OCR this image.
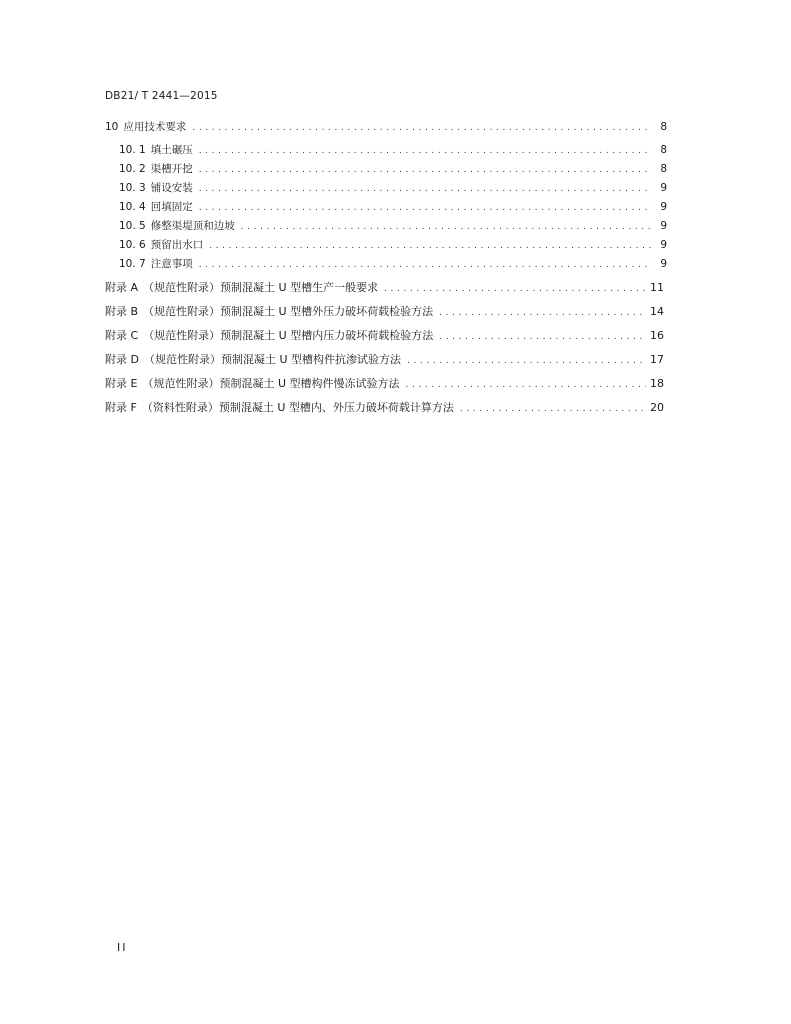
DB21/ T 2441—2015
10 应用技术要求 .....	8
10. 1 填土碾压 .....	8
10. 2 渠槽开挖 .....	8
10. 3 铺设安装 .....	9
10. 4 回填固定 .....	9
10. 5 修整渠堤顶和边坡 .....	9
10. 6 预留出水口 .....	9
10. 7 注意事项 .....	9
附录 A （规范性附录）预制混凝土 U 型槽生产一般要求 .....	11
附录 B （规范性附录）预制混凝土 U 型槽外压力破坏荷载检验方法 .....	14
附录 C （规范性附录）预制混凝土 U 型槽内压力破坏荷载检验方法 .....	16
附录 D （规范性附录）预制混凝土 U 型槽构件抗渗试验方法 .....	17
附录 E （规范性附录）预制混凝土 U 型槽构件慢冻试验方法 .....	18
附录 F （资料性附录）预制混凝土 U 型槽内、外压力破坏荷载计算方法 .....	20
II
